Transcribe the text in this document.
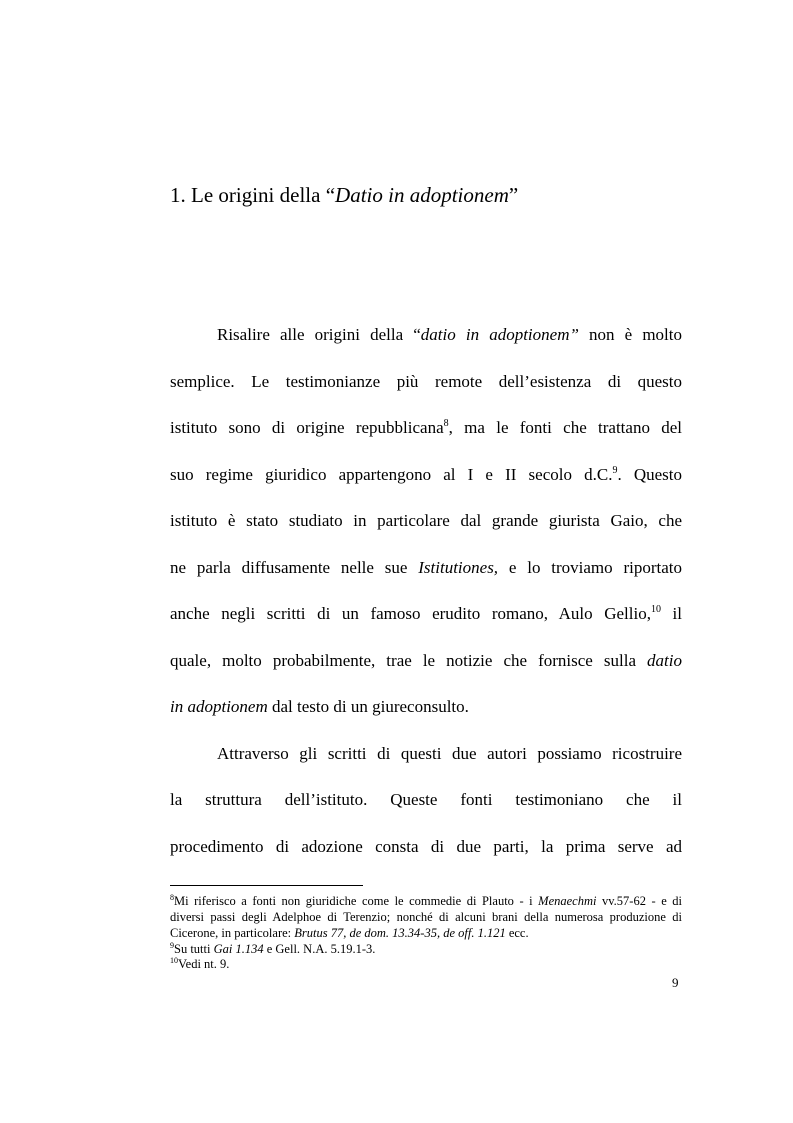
1. Le origini della “Datio in adoptionem”
Risalire alle origini della “datio in adoptionem” non è molto
semplice. Le testimonianze più remote dell’esistenza di questo
istituto sono di origine repubblicana$^8$, ma le fonti che trattano del
suo regime giuridico appartengono al I e II secolo d.C.$^9$. Questo
istituto è stato studiato in particolare dal grande giurista Gaio, che
ne parla diffusamente nelle sue Istitutiones, e lo troviamo riportato
anche negli scritti di un famoso erudito romano, Aulo Gellio,$^{10}$ il
quale, molto probabilmente, trae le notizie che fornisce sulla datio
in adoptionem dal testo di un giureconsulto.
Attraverso gli scritti di questi due autori possiamo ricostruire
la struttura dell’istituto. Queste fonti testimoniano che il
procedimento di adozione consta di due parti, la prima serve ad
$^8$Mi riferisco a fonti non giuridiche come le commedie di Plauto - i Menaechmi vv.57-62 - e di
diversi passi degli Adelphoe di Terenzio; nonché di alcuni brani della numerosa produzione di
Cicerone, in particolare: Brutus 77, de dom. 13.34-35, de off. 1.121 ecc.
$^9$Su tutti Gai 1.134 e Gell. N.A. 5.19.1-3.
$^{10}$Vedi nt. 9.
9
